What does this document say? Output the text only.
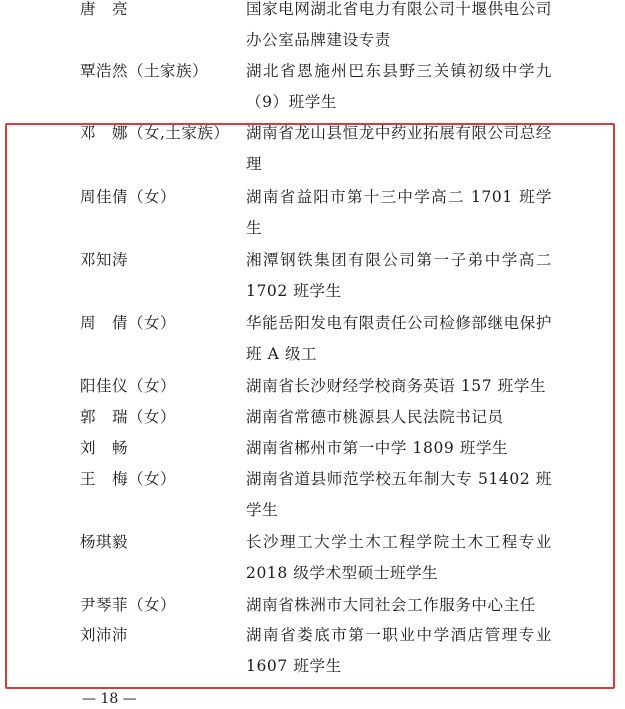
唐　亮	国家电网湖北省电力有限公司十堰供电公司办公室品牌建设专责
覃浩然（土家族） 湖北省恩施州巴东县野三关镇初级中学九（9）班学生
邓　娜（女,土家族） 湖南省龙山县恒龙中药业拓展有限公司总经理
周佳倩（女）	湖南省益阳市第十三中学高二 1701 班学生
邓知涛	湘潭钢铁集团有限公司第一子弟中学高二 1702 班学生
周　倩（女）	华能岳阳发电有限责任公司检修部继电保护班 A 级工
阳佳仪（女）	湖南省长沙财经学校商务英语 157 班学生
郭　瑞（女）	湖南省常德市桃源县人民法院书记员
刘　畅	湖南省郴州市第一中学 1809 班学生
王　梅（女）	湖南省道县师范学校五年制大专 51402 班学生
杨琪毅	长沙理工大学土木工程学院土木工程专业 2018 级学术型硕士班学生
尹琴菲（女）	湖南省株洲市大同社会工作服务中心主任
刘沛沛	湖南省娄底市第一职业中学酒店管理专业 1607 班学生
— 18 —
